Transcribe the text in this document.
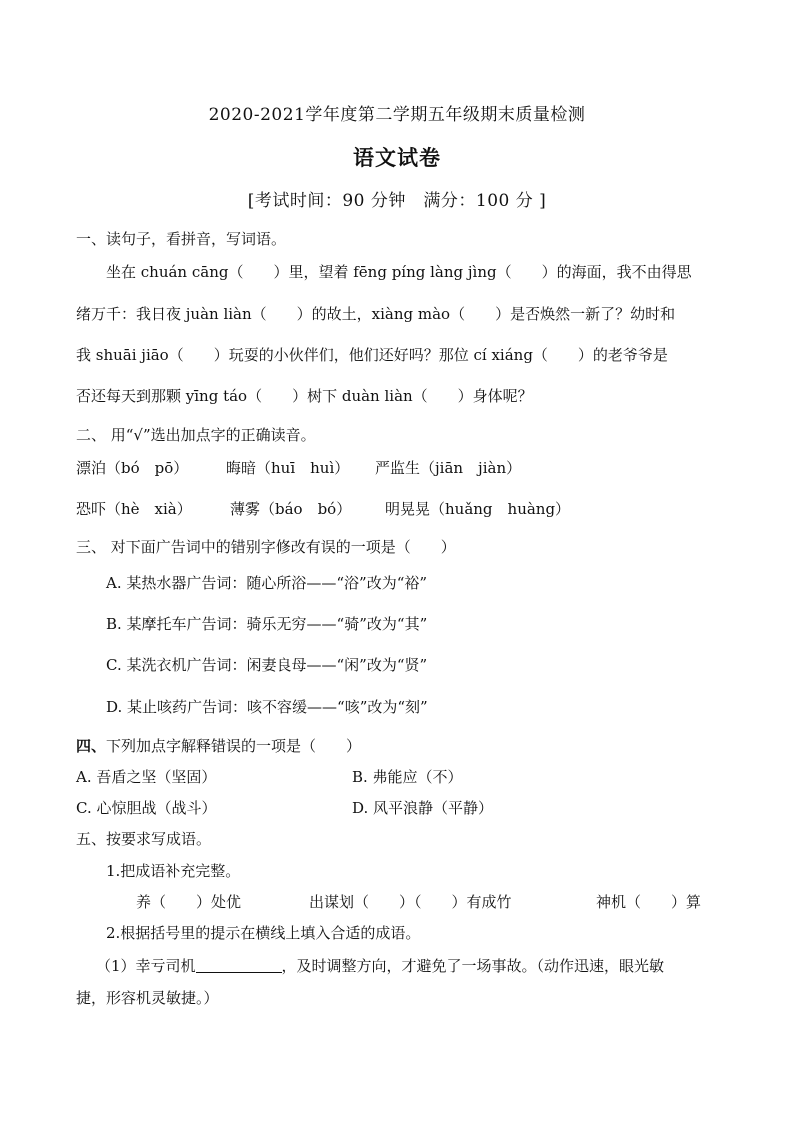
2020-2021学年度第二学期五年级期末质量检测
语文试卷
[考试时间：90 分钟　满分：100 分 ]
一、读句子，看拼音，写词语。
坐在 chuán cāng（　　）里，望着 fēng píng làng jìng（　　）的海面，我不由得思
绪万千：我日夜 juàn liàn（　　）的故土，xiàng mào（　　）是否焕然一新了？幼时和
我 shuāi jiāo（　　）玩耍的小伙伴们，他们还好吗？那位 cí xiáng（　　）的老爷爷是
否还每天到那颗 yīng táo（　　）树下 duàn liàn（　　）身体呢？
二、 用“√”选出加点字的正确读音。
漂泊（bó　pō）	晦暗（huī　huì） 严监生（jiān　jiàn）
恐吓（hè　xià）	薄雾（báo　bó） 明晃晃（huǎng　huàng）
三、 对下面广告词中的错别字修改有误的一项是（　　）
A. 某热水器广告词：随心所浴——“浴”改为“裕”
B. 某摩托车广告词：骑乐无穷——“骑”改为“其”
C. 某洗衣机广告词：闲妻良母——“闲”改为“贤”
D. 某止咳药广告词：咳不容缓——“咳”改为“刻”
四、下列加点字解释错误的一项是（　　）
A. 吾盾之坚（坚固）	B. 弗能应（不）
C. 心惊胆战（战斗）	D. 风平浪静（平静）
五、按要求写成语。
1.把成语补充完整。
养（　　）处优	出谋划（　　）（　　）有成竹	神机（　　）算
2.根据括号里的提示在横线上填入合适的成语。
（1）幸亏司机	，及时调整方向，才避免了一场事故。（动作迅速，眼光敏
捷，形容机灵敏捷。）
